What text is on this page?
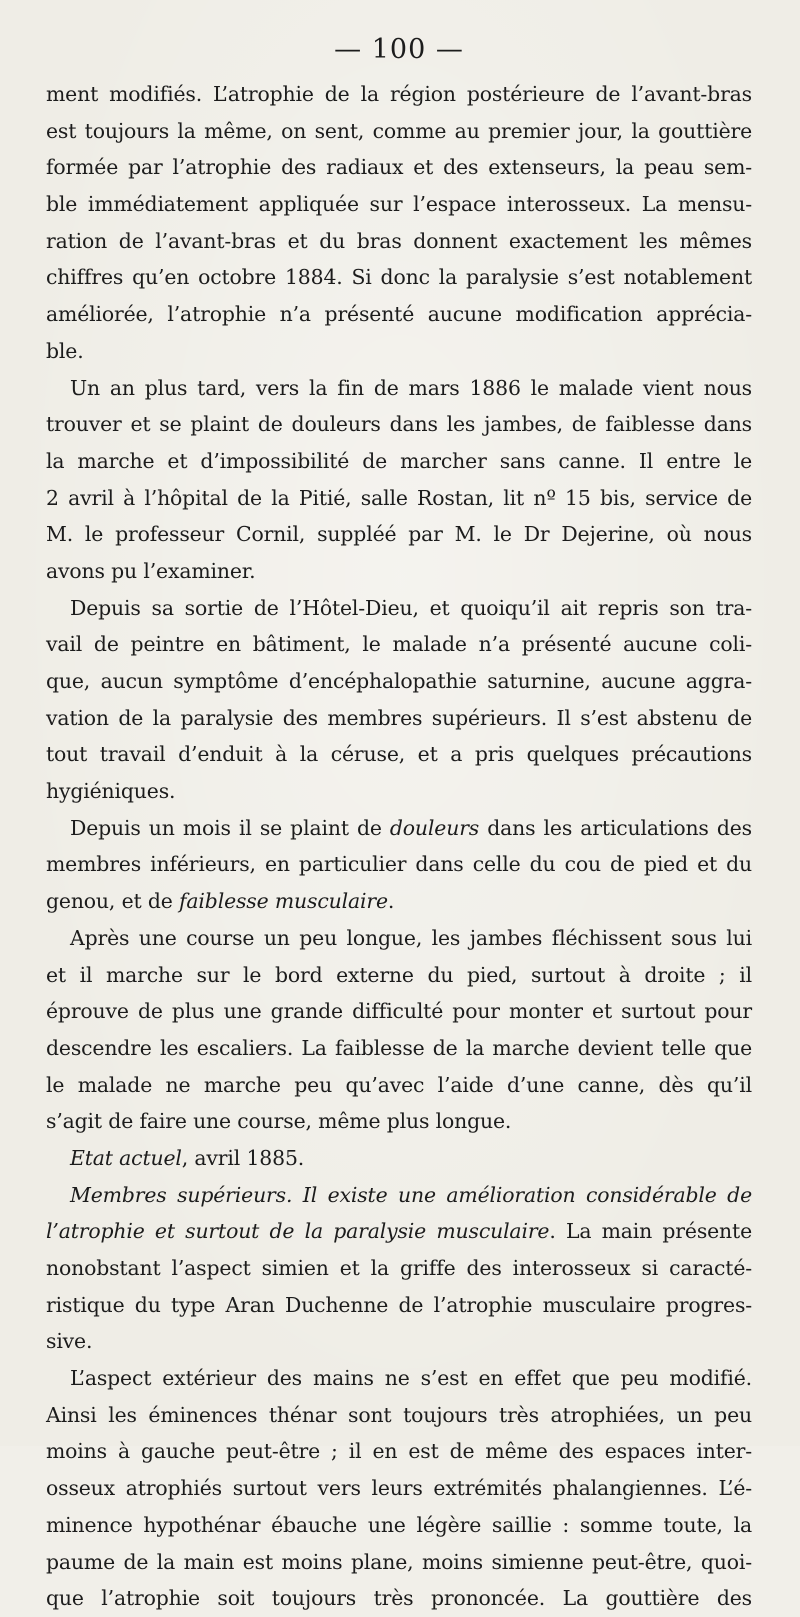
— 100 —
ment modifiés. L’atrophie de la région postérieure de l’avant-bras
est toujours la même, on sent, comme au premier jour, la gouttière
formée par l’atrophie des radiaux et des extenseurs, la peau sem-
ble immédiatement appliquée sur l’espace interosseux. La mensu-
ration de l’avant-bras et du bras donnent exactement les mêmes
chiffres qu’en octobre 1884. Si donc la paralysie s’est notablement
améliorée, l’atrophie n’a présenté aucune modification apprécia-
ble.
Un an plus tard, vers la fin de mars 1886 le malade vient nous
trouver et se plaint de douleurs dans les jambes, de faiblesse dans
la marche et d’impossibilité de marcher sans canne. Il entre le
2 avril à l’hôpital de la Pitié, salle Rostan, lit nº 15 bis, service de
M. le professeur Cornil, suppléé par M. le Dr Dejerine, où nous
avons pu l’examiner.
Depuis sa sortie de l’Hôtel-Dieu, et quoiqu’il ait repris son tra-
vail de peintre en bâtiment, le malade n’a présenté aucune coli-
que, aucun symptôme d’encéphalopathie saturnine, aucune aggra-
vation de la paralysie des membres supérieurs. Il s’est abstenu de
tout travail d’enduit à la céruse, et a pris quelques précautions
hygiéniques.
Depuis un mois il se plaint de douleurs dans les articulations des
membres inférieurs, en particulier dans celle du cou de pied et du
genou, et de faiblesse musculaire.
Après une course un peu longue, les jambes fléchissent sous lui
et il marche sur le bord externe du pied, surtout à droite ; il
éprouve de plus une grande difficulté pour monter et surtout pour
descendre les escaliers. La faiblesse de la marche devient telle que
le malade ne marche peu qu’avec l’aide d’une canne, dès qu’il
s’agit de faire une course, même plus longue.
Etat actuel, avril 1885.
Membres supérieurs. Il existe une amélioration considérable de
l’atrophie et surtout de la paralysie musculaire. La main présente
nonobstant l’aspect simien et la griffe des interosseux si caracté-
ristique du type Aran Duchenne de l’atrophie musculaire progres-
sive.
L’aspect extérieur des mains ne s’est en effet que peu modifié.
Ainsi les éminences thénar sont toujours très atrophiées, un peu
moins à gauche peut-être ; il en est de même des espaces inter-
osseux atrophiés surtout vers leurs extrémités phalangiennes. L’é-
minence hypothénar ébauche une légère saillie : somme toute, la
paume de la main est moins plane, moins simienne peut-être, quoi-
que l’atrophie soit toujours très prononcée. La gouttière des
